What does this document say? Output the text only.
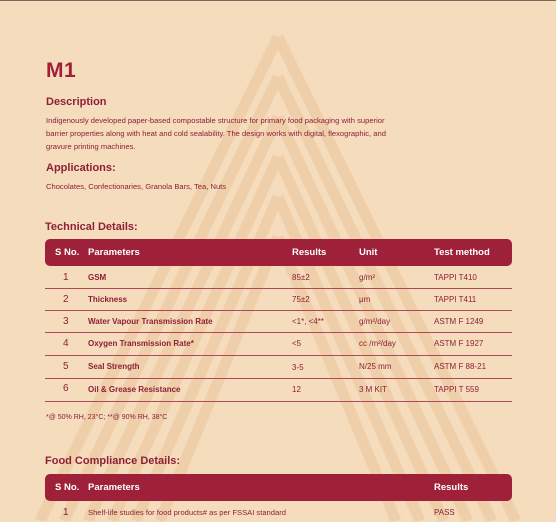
M1
Description
Indigenously developed paper-based compostable structure for primary food packaging with superior
barrier properties along with heat and cold sealability. The design works with digital, flexographic, and
gravure printing machines.
Applications:
Chocolates, Confectionaries, Granola Bars, Tea, Nuts
Technical Details:
S No. Parameters	Results	Unit	Test method
1 GSM	85±2	g/m²	TAPPI T410
2 Thickness	75±2	μm	TAPPI T411
3 Water Vapour Transmission Rate	<1*, <4**	g/m²/day	ASTM F 1249
4 Oxygen Transmission Rate*	<5	cc /m²/day	ASTM F 1927
5 Seal Strength	3-5	N/25 mm	ASTM F 88-21
6 Oil & Grease Resistance	12	3 M KIT	TAPPI T 559
*@ 50% RH, 23°C; **@ 90% RH, 38°C
Food Compliance Details:
S No. Parameters	Results
1	Shelf-life studies for food products# as per FSSAI standard	PASS
